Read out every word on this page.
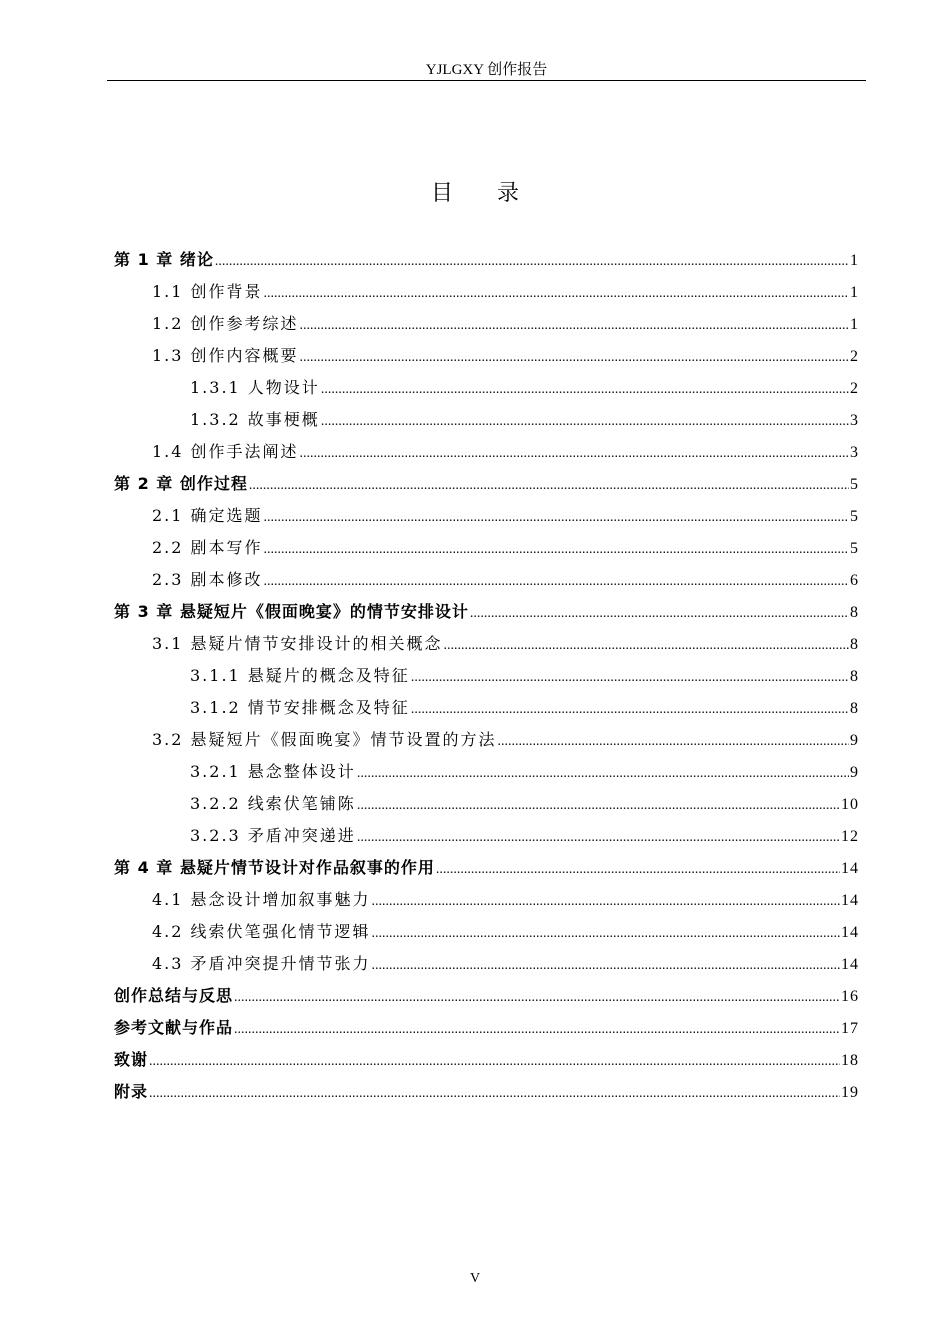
YJLGXY 创作报告
目录
第 1 章 绪论 .....	1
1.1 创作背景 .....	1
1.2 创作参考综述 .....	1
1.3 创作内容概要 .....	2
1.3.1 人物设计 .....	2
1.3.2 故事梗概 .....	3
1.4 创作手法阐述 .....	3
第 2 章 创作过程 .....	5
2.1 确定选题 .....	5
2.2 剧本写作 .....	5
2.3 剧本修改 .....	6
第 3 章 悬疑短片《假面晚宴》的情节安排设计 .....	8
3.1 悬疑片情节安排设计的相关概念 .....	8
3.1.1 悬疑片的概念及特征 .....	8
3.1.2 情节安排概念及特征 .....	8
3.2 悬疑短片《假面晚宴》情节设置的方法 .....	9
3.2.1 悬念整体设计 .....	9
3.2.2 线索伏笔铺陈 .....	10
3.2.3 矛盾冲突递进 .....	12
第 4 章 悬疑片情节设计对作品叙事的作用 .....	14
4.1 悬念设计增加叙事魅力 .....	14
4.2 线索伏笔强化情节逻辑 .....	14
4.3 矛盾冲突提升情节张力 .....	14
创作总结与反思 .....	16
参考文献与作品 .....	17
致谢 .....	18
附录 .....	19
V
